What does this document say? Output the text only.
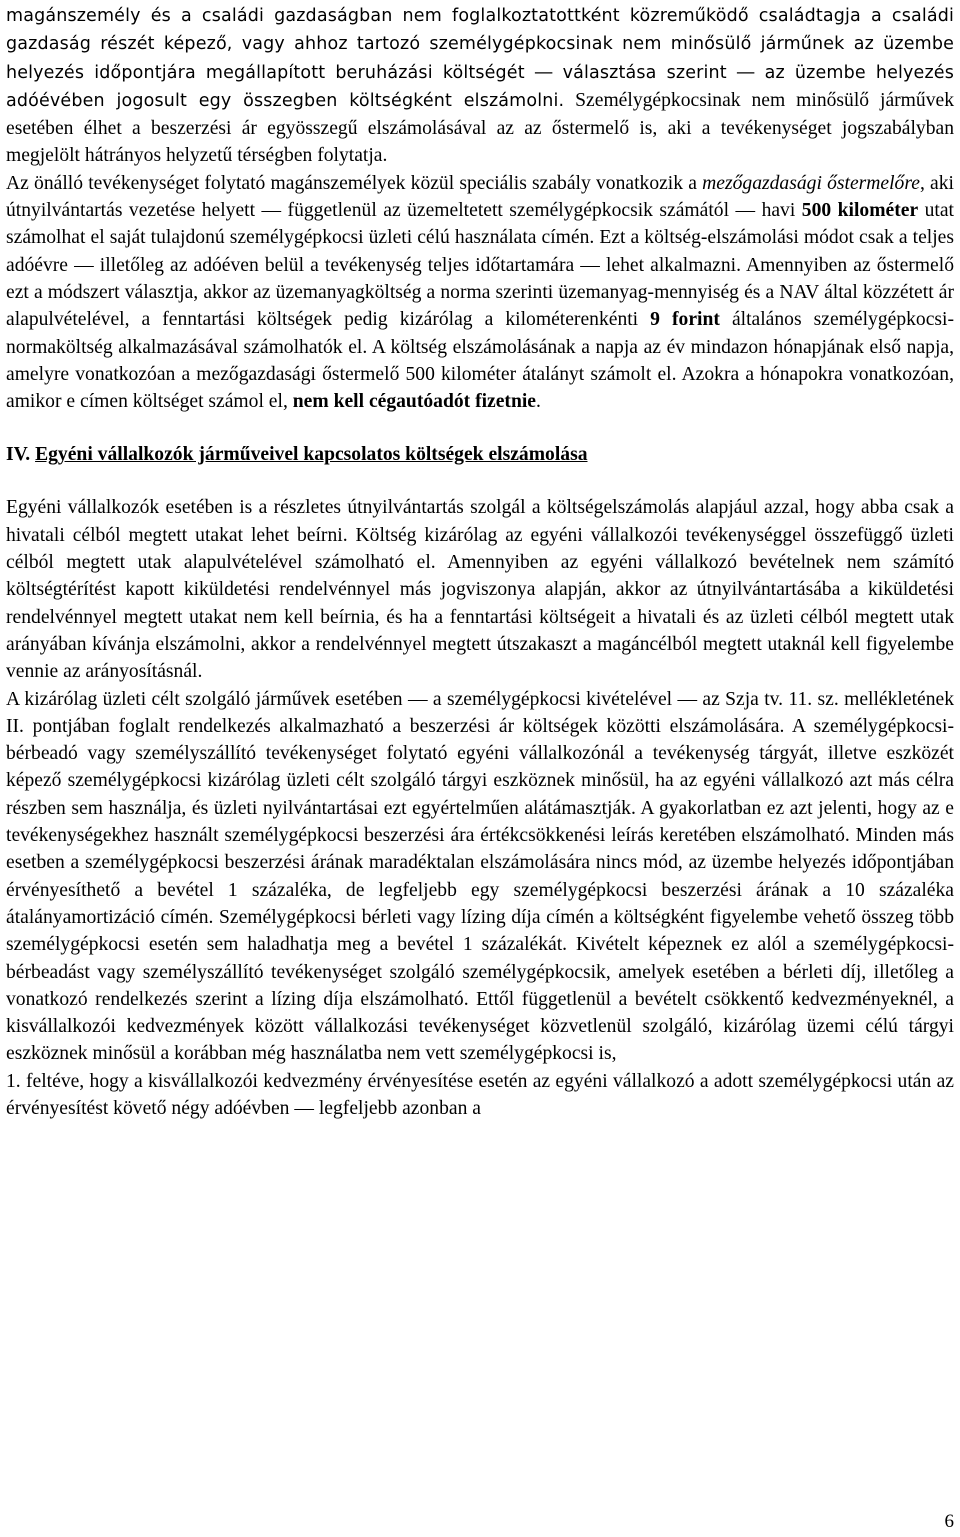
magánszemély és a családi gazdaságban nem foglalkoztatottként közreműködő családtagja a családi gazdaság részét képező, vagy ahhoz tartozó személygépkocsinak nem minősülő járműnek az üzembe helyezés időpontjára megállapított beruházási költségét ― választása szerint ― az üzembe helyezés adóévében jogosult egy összegben költségként elszámolni. Személygépkocsinak nem minősülő járművek esetében élhet a beszerzési ár egyösszegű elszámolásával az az őstermelő is, aki a tevékenységet jogszabályban megjelölt hátrányos helyzetű térségben folytatja.

Az önálló tevékenységet folytató magánszemélyek közül speciális szabály vonatkozik a mezőgazdasági őstermelőre, aki útnyilvántartás vezetése helyett ― függetlenül az üzemeltetett személygépkocsik számától ― havi 500 kilométer utat számolhat el saját tulajdonú személygépkocsi üzleti célú használata címén. Ezt a költség-elszámolási módot csak a teljes adóévre ― illetőleg az adóéven belül a tevékenység teljes időtartamára ― lehet alkalmazni. Amennyiben az őstermelő ezt a módszert választja, akkor az üzemanyagköltség a norma szerinti üzemanyag-mennyiség és a NAV által közzétett ár alapulvételével, a fenntartási költségek pedig kizárólag a kilométerenkénti 9 forint általános személygépkocsi-normaköltség alkalmazásával számolhatók el. A költség elszámolásának a napja az év mindazon hónapjának első napja, amelyre vonatkozóan a mezőgazdasági őstermelő 500 kilométer átalányt számolt el. Azokra a hónapokra vonatkozóan, amikor e címen költséget számol el, nem kell cégautóadót fizetnie.

IV. Egyéni vállalkozók járműveivel kapcsolatos költségek elszámolása

Egyéni vállalkozók esetében is a részletes útnyilvántartás szolgál a költségelszámolás alapjául azzal, hogy abba csak a hivatali célból megtett utakat lehet beírni. Költség kizárólag az egyéni vállalkozói tevékenységgel összefüggő üzleti célból megtett utak alapulvételével számolható el. Amennyiben az egyéni vállalkozó bevételnek nem számító költségtérítést kapott kiküldetési rendelvénnyel más jogviszonya alapján, akkor az útnyilvántartásába a kiküldetési rendelvénnyel megtett utakat nem kell beírnia, és ha a fenntartási költségeit a hivatali és az üzleti célból megtett utak arányában kívánja elszámolni, akkor a rendelvénnyel megtett útszakaszt a magáncélból megtett utaknál kell figyelembe vennie az arányosításnál.

A kizárólag üzleti célt szolgáló járművek esetében ― a személygépkocsi kivételével ― az Szja tv. 11. sz. mellékletének II. pontjában foglalt rendelkezés alkalmazható a beszerzési ár költségek közötti elszámolására. A személygépkocsi-bérbeadó vagy személyszállító tevékenységet folytató egyéni vállalkozónál a tevékenység tárgyát, illetve eszközét képező személygépkocsi kizárólag üzleti célt szolgáló tárgyi eszköznek minősül, ha az egyéni vállalkozó azt más célra részben sem használja, és üzleti nyilvántartásai ezt egyértelműen alátámasztják. A gyakorlatban ez azt jelenti, hogy az e tevékenységekhez használt személygépkocsi beszerzési ára értékcsökkenési leírás keretében elszámolható. Minden más esetben a személygépkocsi beszerzési árának maradéktalan elszámolására nincs mód, az üzembe helyezés időpontjában érvényesíthető a bevétel 1 százaléka, de legfeljebb egy személygépkocsi beszerzési árának a 10 százaléka átalányamortizáció címén. Személygépkocsi bérleti vagy lízing díja címén a költségként figyelembe vehető összeg több személygépkocsi esetén sem haladhatja meg a bevétel 1 százalékát. Kivételt képeznek ez alól a személygépkocsi-bérbeadást vagy személyszállító tevékenységet szolgáló személygépkocsik, amelyek esetében a bérleti díj, illetőleg a vonatkozó rendelkezés szerint a lízing díja elszámolható. Ettől függetlenül a bevételt csökkentő kedvezményeknél, a kisvállalkozói kedvezmények között vállalkozási tevékenységet közvetlenül szolgáló, kizárólag üzemi célú tárgyi eszköznek minősül a korábban még használatba nem vett személygépkocsi is,

1. feltéve, hogy a kisvállalkozói kedvezmény érvényesítése esetén az egyéni vállalkozó a adott személygépkocsi után az érvényesítést követő négy adóévben ― legfeljebb azonban a

6
